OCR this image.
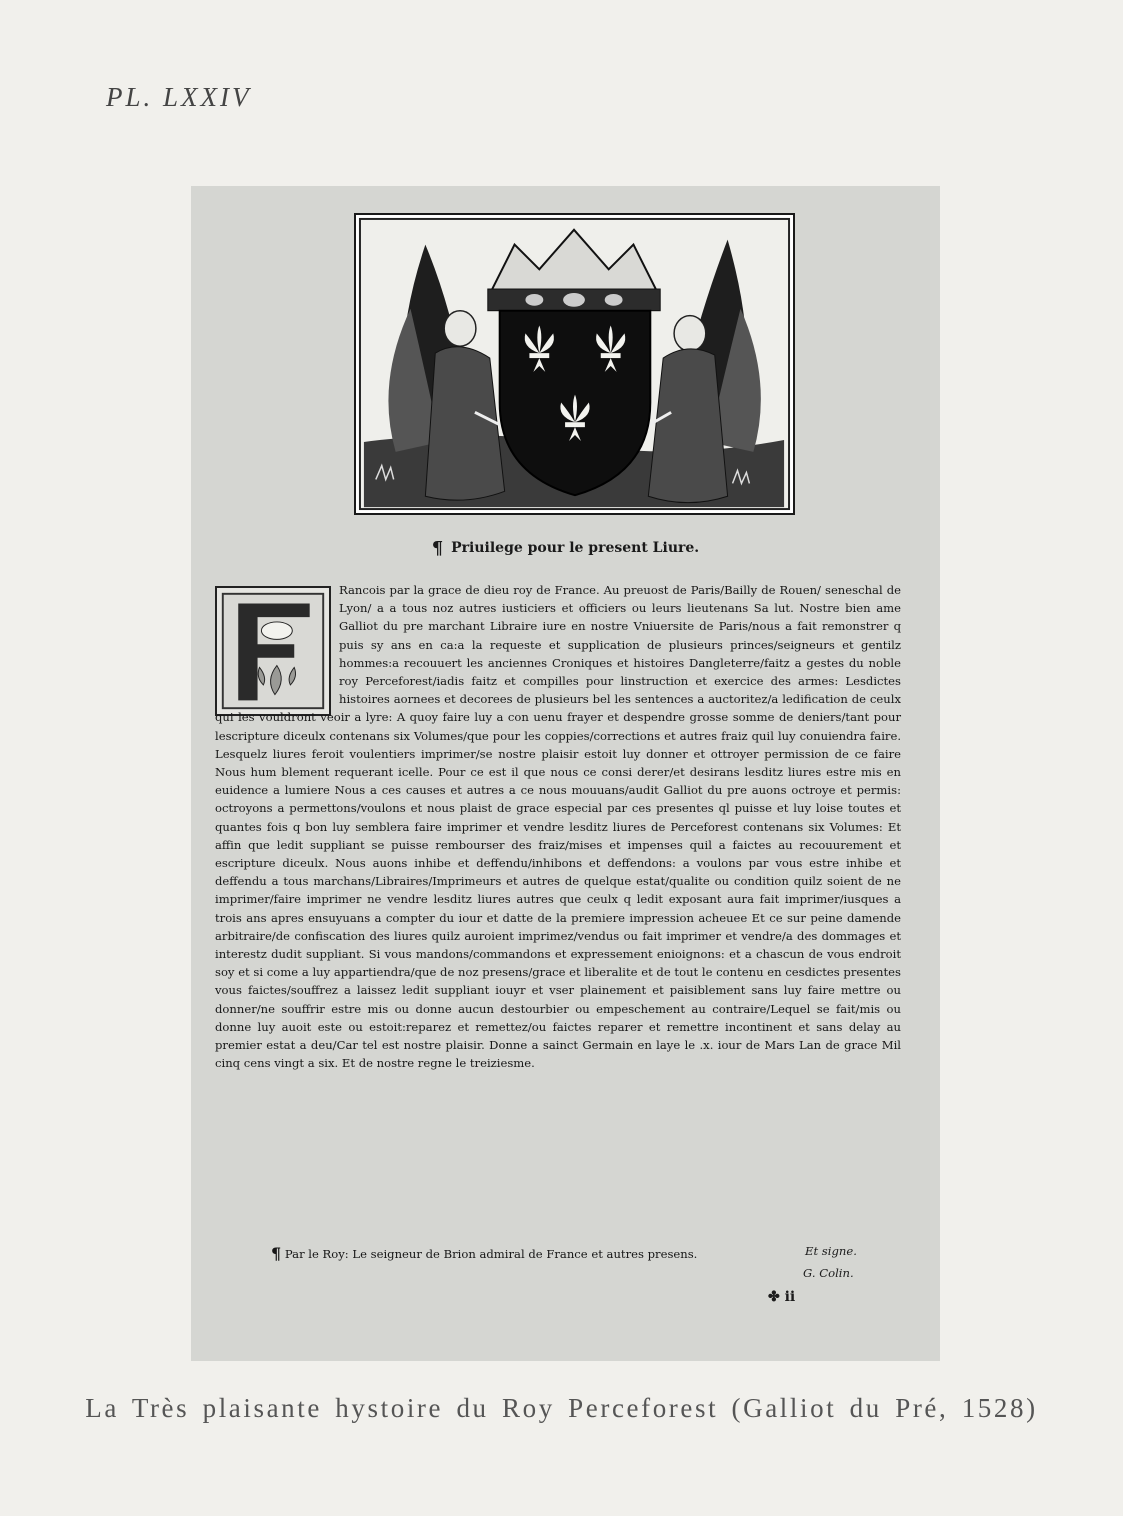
PL. LXXIV
¶ Priuilege pour le present Liure.
Rancois par la grace de dieu roy de France. Au preuost de Paris/Bailly de Rouen/ seneschal de Lyon/ a a tous noz autres iusticiers et officiers ou leurs lieutenans Sa lut. Nostre bien ame Galliot du pre marchant Libraire iure en nostre Vniuersite de Paris/nous a fait remonstrer q puis sy ans en ca:a la requeste et supplication de plusieurs princes/seigneurs et gentilz hommes:a recouuert les anciennes Croniques et histoires Dangleterre/faitz a gestes du noble roy Perceforest/iadis faitz et compilles pour linstruction et exercice des armes: Lesdictes histoires aornees et decorees de plusieurs bel les sentences a auctoritez/a ledification de ceulx qui les vouldront veoir a lyre: A quoy faire luy a con uenu frayer et despendre grosse somme de deniers/tant pour lescripture diceulx contenans six Volumes/que pour les coppies/corrections et autres fraiz quil luy conuiendra faire. Lesquelz liures feroit voulentiers imprimer/se nostre plaisir estoit luy donner et ottroyer permission de ce faire Nous hum blement requerant icelle. Pour ce est il que nous ce consi derer/et desirans lesditz liures estre mis en euidence a lumiere Nous a ces causes et autres a ce nous mouuans/audit Galliot du pre auons octroye et permis: octroyons a permettons/voulons et nous plaist de grace especial par ces presentes ql puisse et luy loise toutes et quantes fois q bon luy semblera faire imprimer et vendre lesditz liures de Perceforest contenans six Volumes: Et affin que ledit suppliant se puisse rembourser des fraiz/mises et impenses quil a faictes au recouurement et escripture diceulx. Nous auons inhibe et deffendu/inhibons et deffendons: a voulons par vous estre inhibe et deffendu a tous marchans/Libraires/Imprimeurs et autres de quelque estat/qualite ou condition quilz soient de ne imprimer/faire imprimer ne vendre lesditz liures autres que ceulx q ledit exposant aura fait imprimer/iusques a trois ans apres ensuyuans a compter du iour et datte de la premiere impression acheuee Et ce sur peine damende arbitraire/de confiscation des liures quilz auroient imprimez/vendus ou fait imprimer et vendre/a des dommages et interestz dudit suppliant. Si vous mandons/commandons et expressement enioignons: et a chascun de vous endroit soy et si come a luy appartiendra/que de noz presens/grace et liberalite et de tout le contenu en cesdictes presentes vous faictes/souffrez a laissez ledit suppliant iouyr et vser plainement et paisiblement sans luy faire mettre ou donner/ne souffrir estre mis ou donne aucun destourbier ou empeschement au contraire/Lequel se fait/mis ou donne luy auoit este ou estoit:reparez et remettez/ou faictes reparer et remettre incontinent et sans delay au premier estat a deu/Car tel est nostre plaisir. Donne a sainct Germain en laye le .x. iour de Mars Lan de grace Mil cinq cens vingt a six. Et de nostre regne le treiziesme.
¶ Par le Roy: Le seigneur de Brion admiral de France et autres presens.	Et signe.
G. Colin.
✤ ii
La Très plaisante hystoire du Roy Perceforest (Galliot du Pré, 1528)
